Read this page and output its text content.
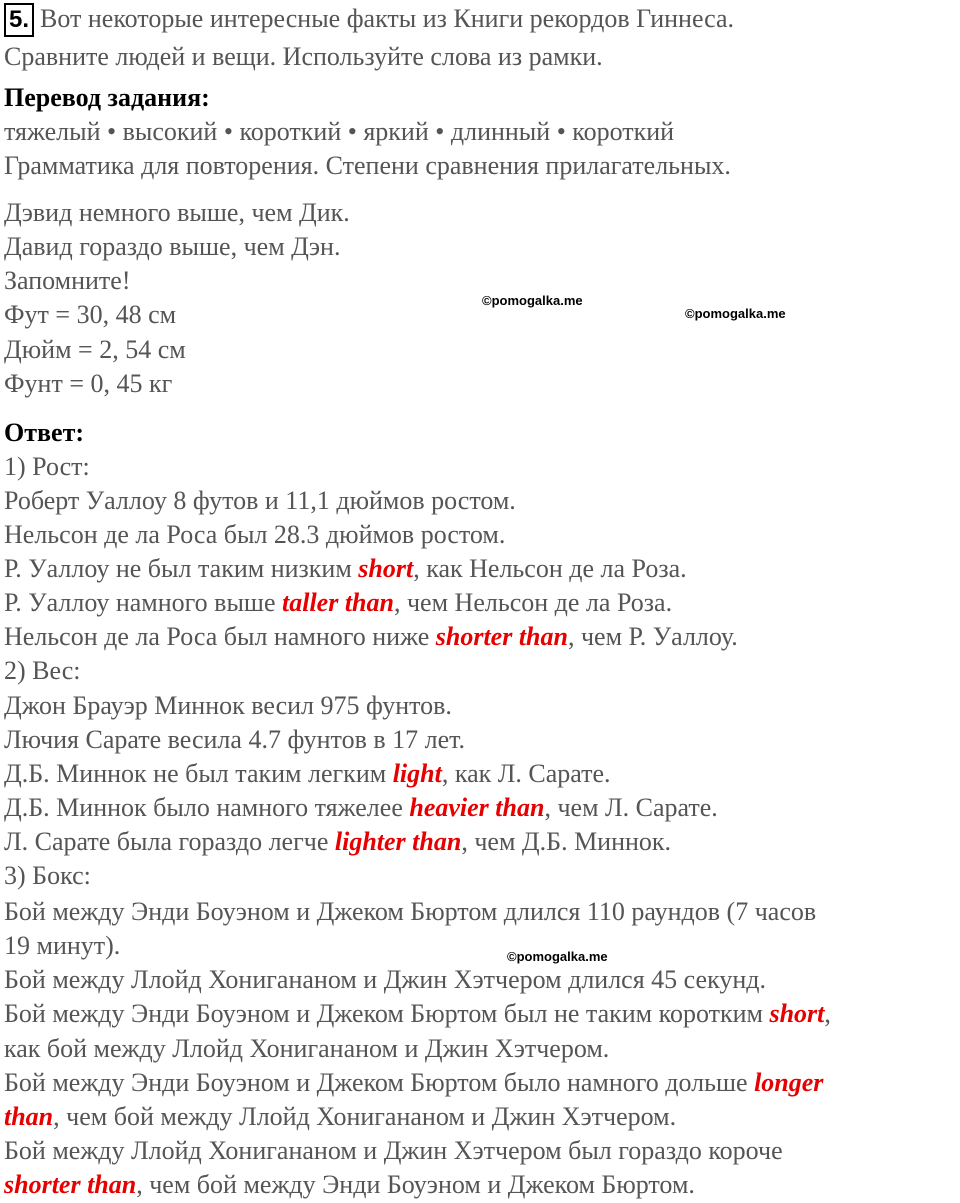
5. Вот некоторые интересные факты из Книги рекордов Гиннеса.
Сравните людей и вещи. Используйте слова из рамки.
Перевод задания:
тяжелый • высокий • короткий • яркий • длинный • короткий
Грамматика для повторения. Степени сравнения прилагательных.
Дэвид немного выше, чем Дик.
Давид гораздо выше, чем Дэн.
Запомните!
Фут = 30, 48 см
Дюйм = 2, 54 см
Фунт = 0, 45 кг
Ответ:
1) Рост:
Роберт Уаллоу 8 футов и 11,1 дюймов ростом.
Нельсон де ла Роса был 28.3 дюймов ростом.
Р. Уаллоу не был таким низким short, как Нельсон де ла Роза.
Р. Уаллоу намного выше taller than, чем Нельсон де ла Роза.
Нельсон де ла Роса был намного ниже shorter than, чем Р. Уаллоу.
2) Вес:
Джон Брауэр Миннок весил 975 фунтов.
Лючия Сарате весила 4.7 фунтов в 17 лет.
Д.Б. Миннок не был таким легким light, как Л. Сарате.
Д.Б. Миннок было намного тяжелее heavier than, чем Л. Сарате.
Л. Сарате была гораздо легче lighter than, чем Д.Б. Миннок.
3) Бокс:
Бой между Энди Боуэном и Джеком Бюртом длился 110 раундов (7 часов
19 минут).
Бой между Ллойд Хонигананом и Джин Хэтчером длился 45 секунд.
Бой между Энди Боуэном и Джеком Бюртом был не таким коротким short,
как бой между Ллойд Хонигананом и Джин Хэтчером.
Бой между Энди Боуэном и Джеком Бюртом было намного дольше longer
than, чем бой между Ллойд Хонигананом и Джин Хэтчером.
Бой между Ллойд Хонигананом и Джин Хэтчером был гораздо короче
shorter than, чем бой между Энди Боуэном и Джеком Бюртом.
©pomogalka.me
©pomogalka.me
©pomogalka.me
